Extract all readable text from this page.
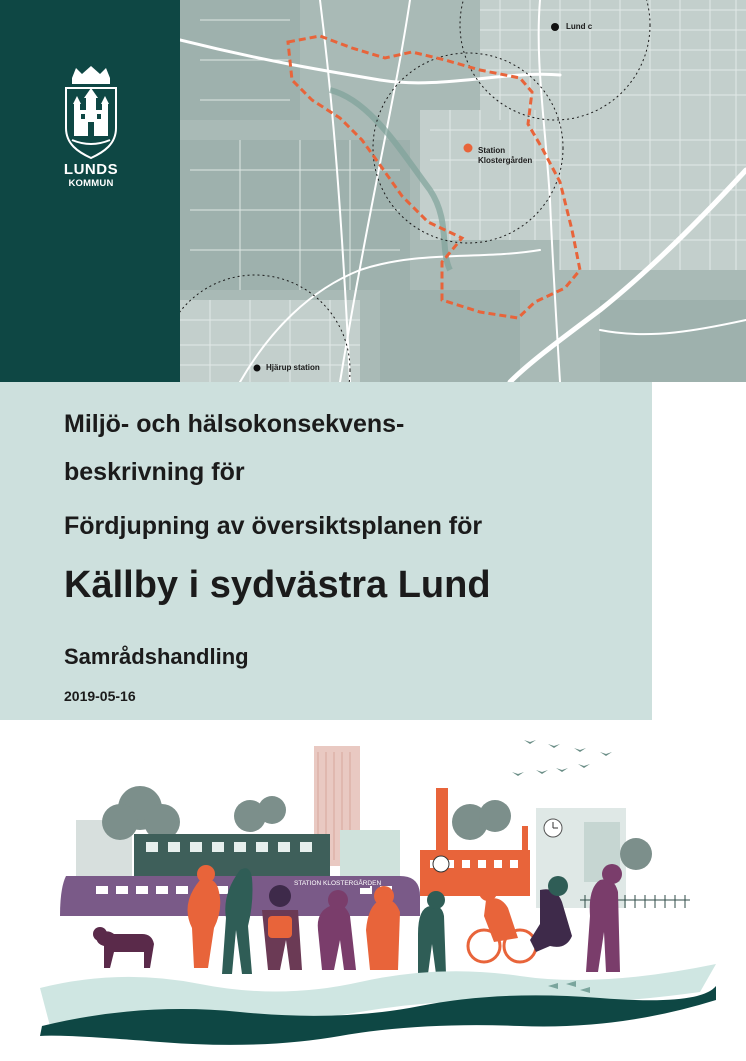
LUNDS
KOMMUN
Lund c
Station
Klostergården
Hjärup station
Miljö- och hälsokonsekvens-
beskrivning för
Fördjupning av översiktsplanen för
Källby i sydvästra Lund
Samrådshandling
2019-05-16
STATION KLOSTERGÅRDEN
